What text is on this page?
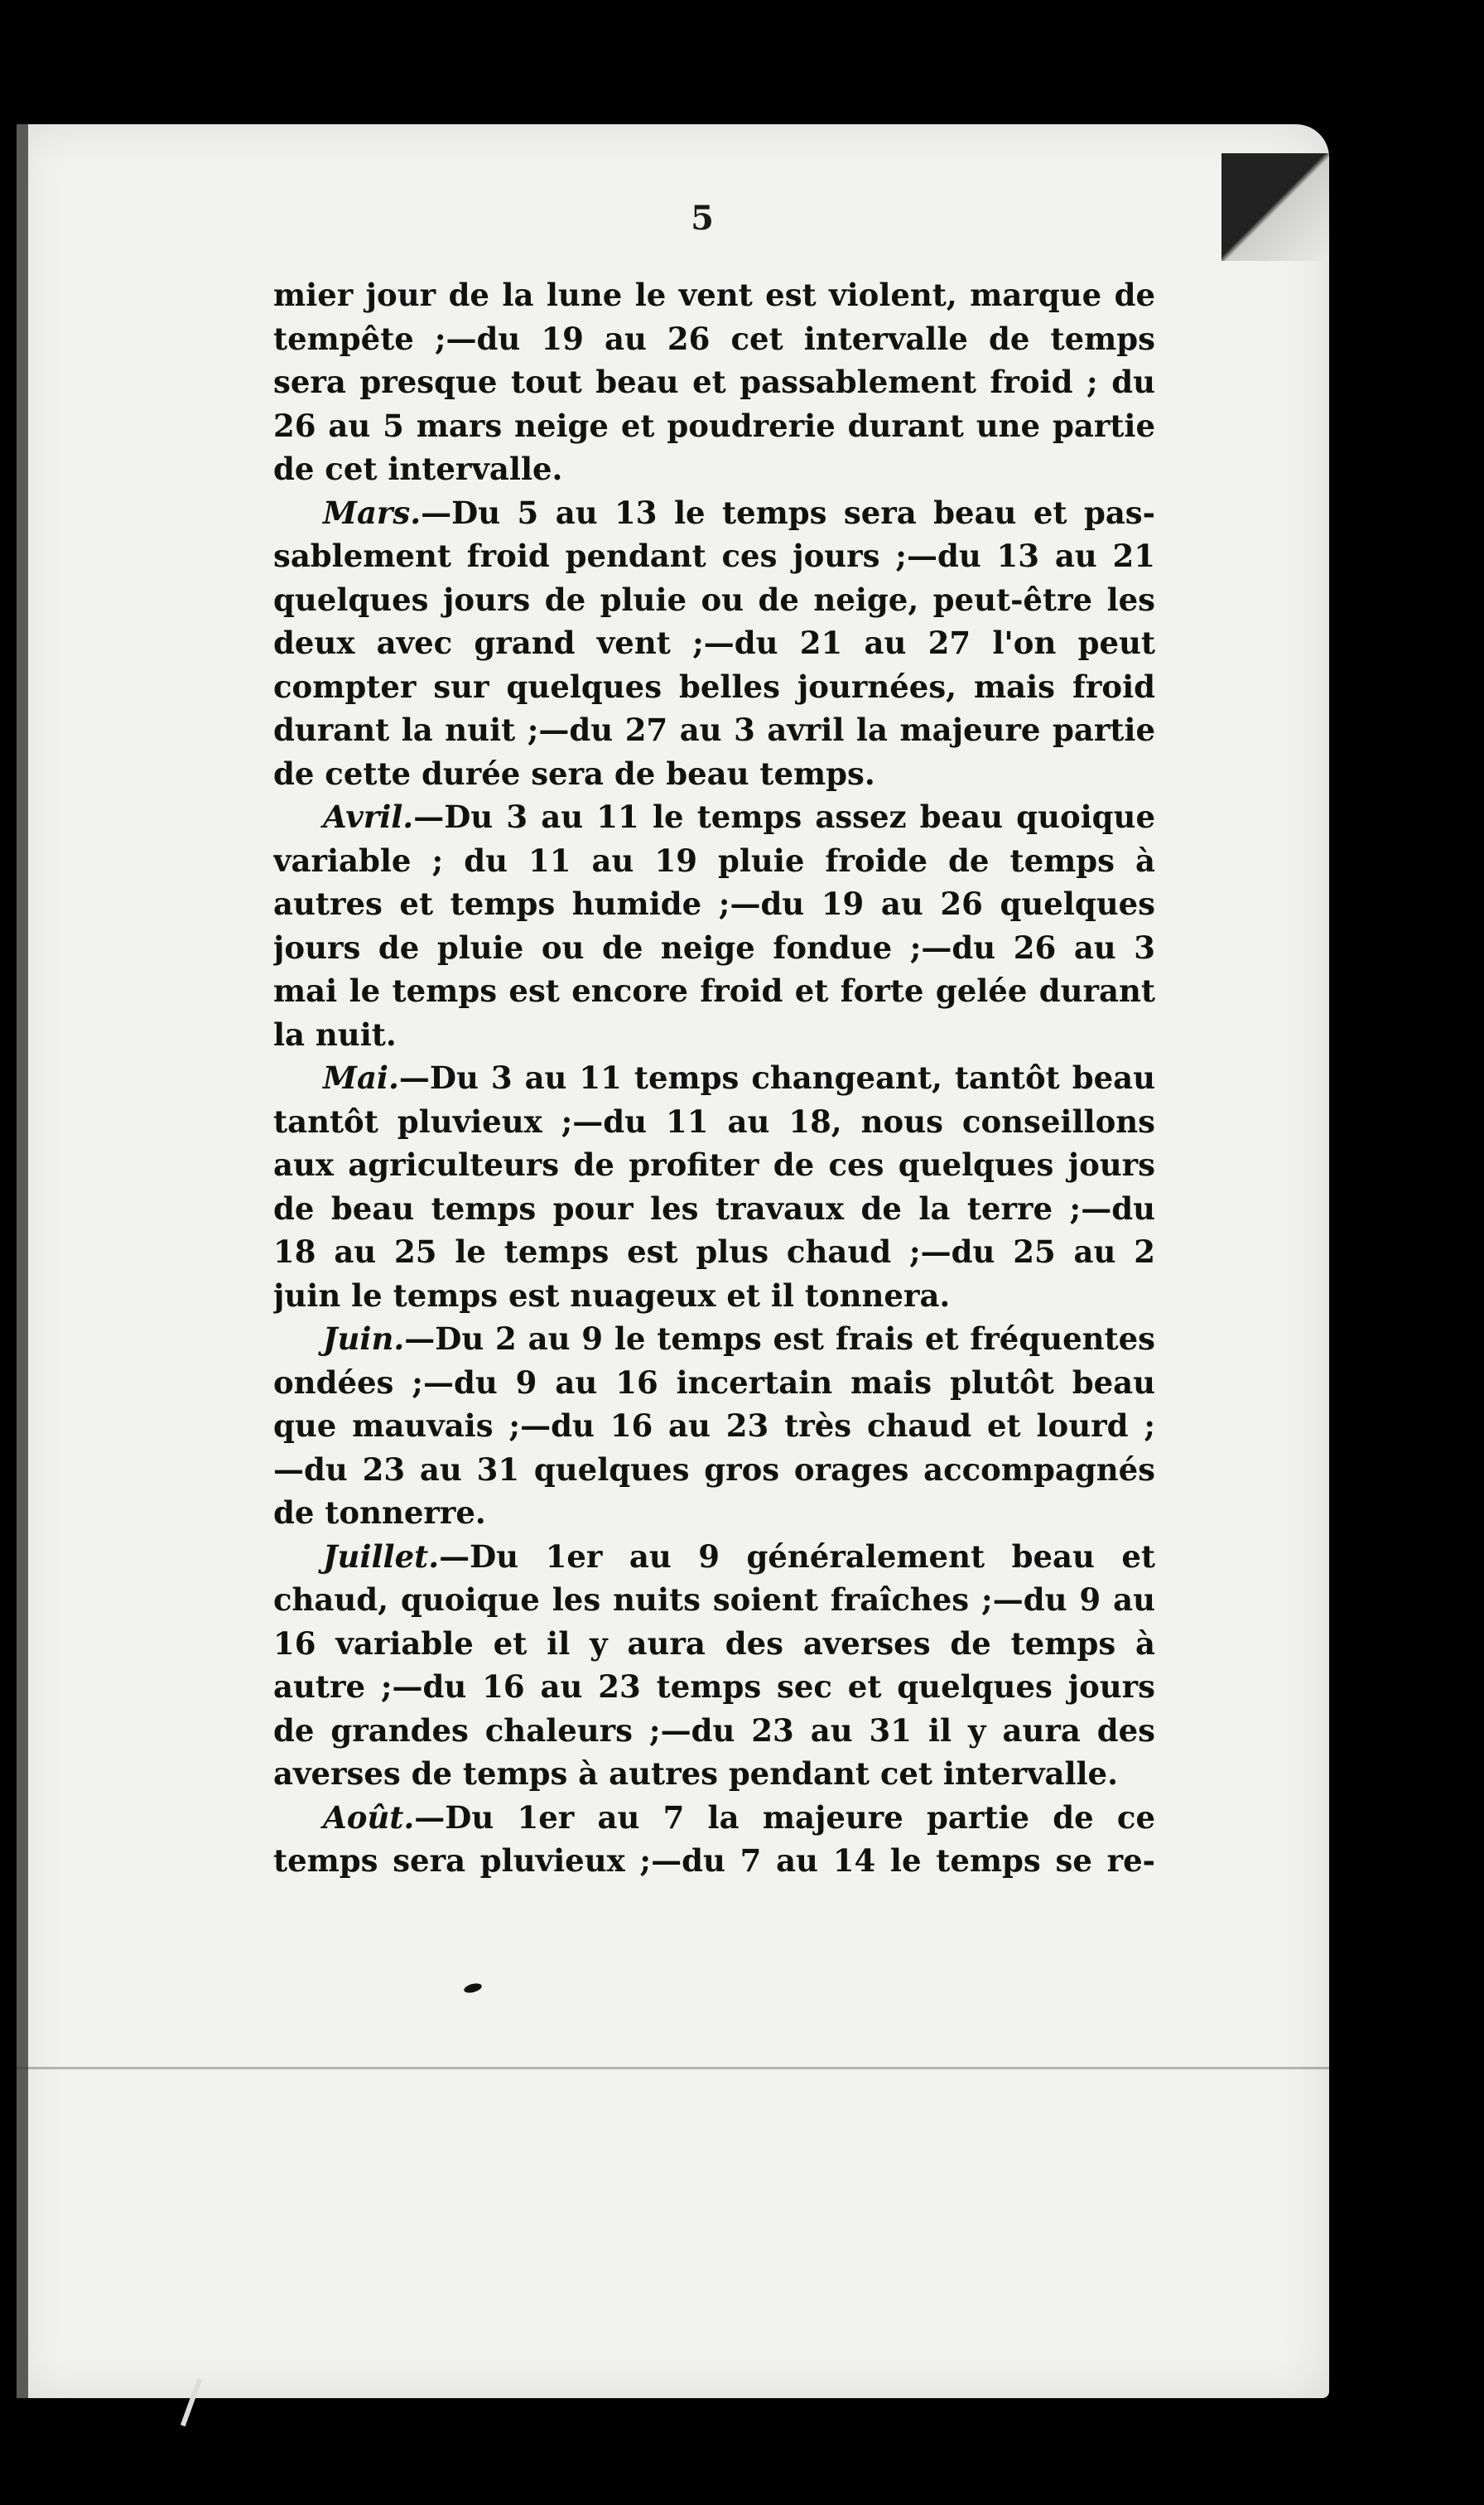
5
mier jour de la lune le vent est violent, marque de
tempête ;—du 19 au 26 cet intervalle de temps
sera presque tout beau et passablement froid ; du
26 au 5 mars neige et poudrerie durant une partie
de cet intervalle.
Mars.—Du 5 au 13 le temps sera beau et pas-
sablement froid pendant ces jours ;—du 13 au 21
quelques jours de pluie ou de neige, peut-être les
deux avec grand vent ;—du 21 au 27 l'on peut
compter sur quelques belles journées, mais froid
durant la nuit ;—du 27 au 3 avril la majeure partie
de cette durée sera de beau temps.
Avril.—Du 3 au 11 le temps assez beau quoique
variable ; du 11 au 19 pluie froide de temps à
autres et temps humide ;—du 19 au 26 quelques
jours de pluie ou de neige fondue ;—du 26 au 3
mai le temps est encore froid et forte gelée durant
la nuit.
Mai.—Du 3 au 11 temps changeant, tantôt beau
tantôt pluvieux ;—du 11 au 18, nous conseillons
aux agriculteurs de profiter de ces quelques jours
de beau temps pour les travaux de la terre ;—du
18 au 25 le temps est plus chaud ;—du 25 au 2
juin le temps est nuageux et il tonnera.
Juin.—Du 2 au 9 le temps est frais et fréquentes
ondées ;—du 9 au 16 incertain mais plutôt beau
que mauvais ;—du 16 au 23 très chaud et lourd ;
—du 23 au 31 quelques gros orages accompagnés
de tonnerre.
Juillet.—Du 1er au 9 généralement beau et
chaud, quoique les nuits soient fraîches ;—du 9 au
16 variable et il y aura des averses de temps à
autre ;—du 16 au 23 temps sec et quelques jours
de grandes chaleurs ;—du 23 au 31 il y aura des
averses de temps à autres pendant cet intervalle.
Août.—Du 1er au 7 la majeure partie de ce
temps sera pluvieux ;—du 7 au 14 le temps se re-
